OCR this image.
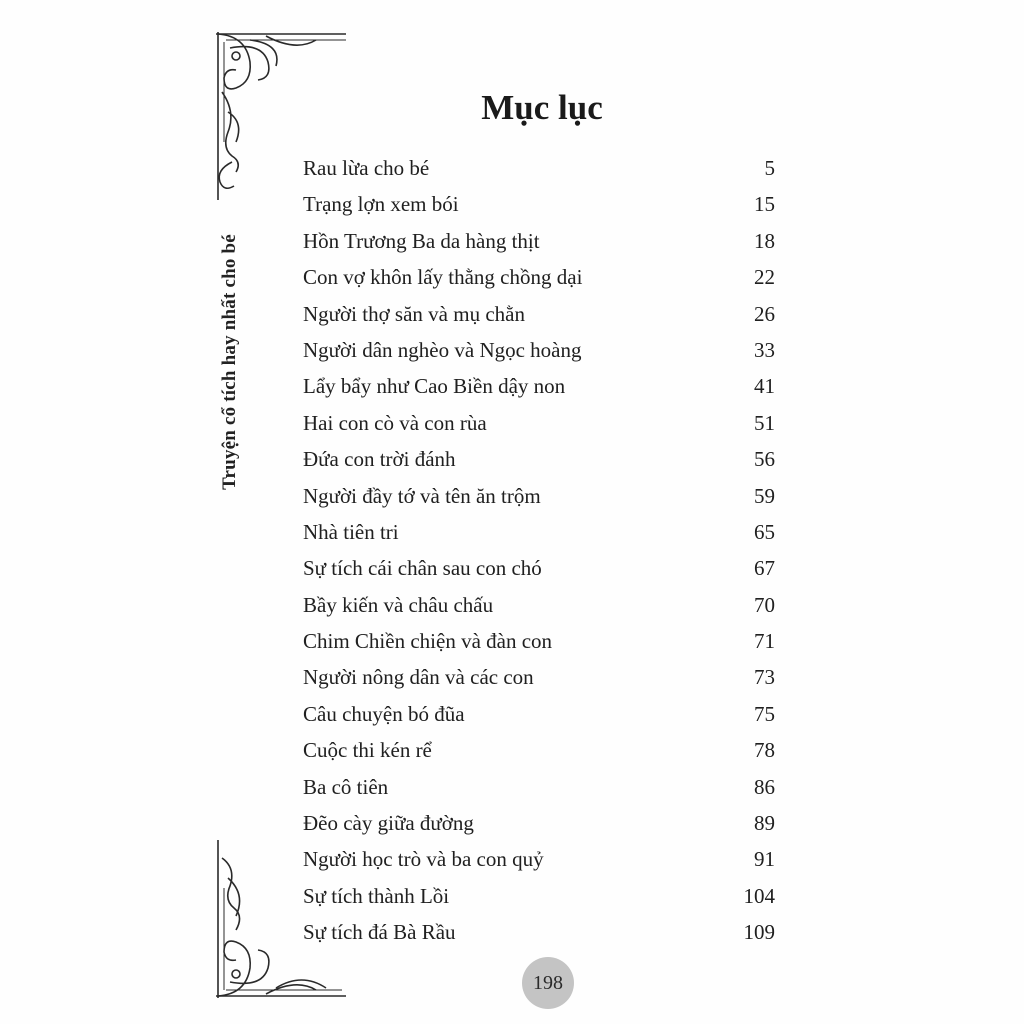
Truyện cổ tích hay nhất cho bé
Mục lục
Rau lừa cho bé	5
Trạng lợn xem bói	15
Hồn Trương Ba da hàng thịt	18
Con vợ khôn lấy thằng chồng dại	22
Người thợ săn và mụ chằn	26
Người dân nghèo và Ngọc hoàng	33
Lẩy bẩy như Cao Biền dậy non	41
Hai con cò và con rùa	51
Đứa con trời đánh	56
Người đầy tớ và tên ăn trộm	59
Nhà tiên tri	65
Sự tích cái chân sau con chó	67
Bầy kiến và châu chấu	70
Chim Chiền chiện và đàn con	71
Người nông dân và các con	73
Câu chuyện bó đũa	75
Cuộc thi kén rể	78
Ba cô tiên	86
Đẽo cày giữa đường	89
Người học trò và ba con quỷ	91
Sự tích thành Lồi	104
Sự tích đá Bà Rầu	109
198
